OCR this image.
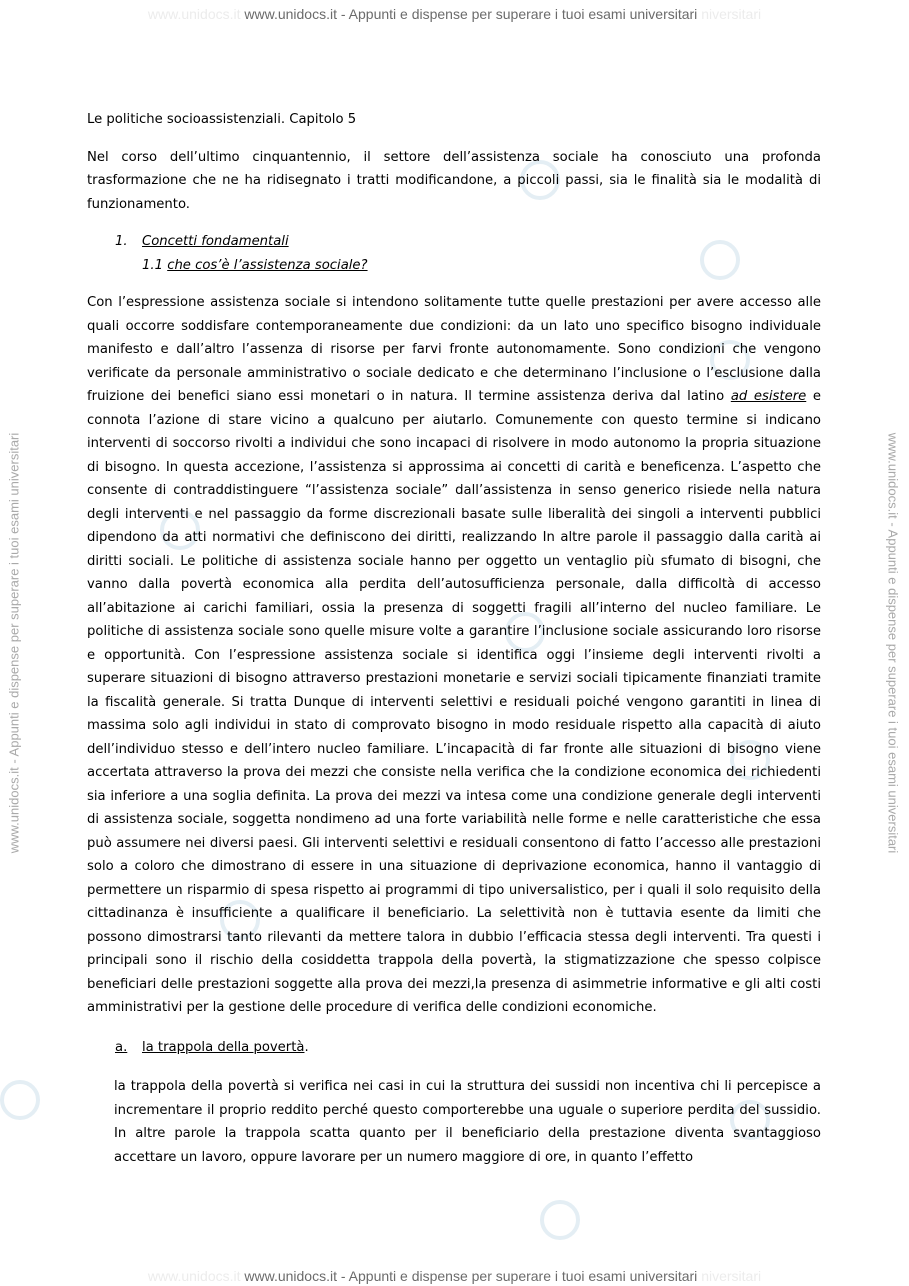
www.unidocs.it www.unidocs.it - Appunti e dispense per superare i tuoi esami universitari niversitari
www.unidocs.it - Appunti e dispense per superare i tuoi esami universitari	www.unidocs.it - Appunti e dispense per superare i tuoi esami universitari

Le politiche socioassistenziali. Capitolo 5

Nel corso dell’ultimo cinquantennio, il settore dell’assistenza sociale ha conosciuto una profonda trasformazione che ne ha ridisegnato i tratti modificandone, a piccoli passi, sia le finalità sia le modalità di funzionamento.

1. Concetti fondamentali

1.1 che cos’è l’assistenza sociale?

Con l’espressione assistenza sociale si intendono solitamente tutte quelle prestazioni per avere accesso alle quali occorre soddisfare contemporaneamente due condizioni: da un lato uno specifico bisogno individuale manifesto e dall’altro l’assenza di risorse per farvi fronte autonomamente. Sono condizioni che vengono verificate da personale amministrativo o sociale dedicato e che determinano l’inclusione o l’esclusione dalla fruizione dei benefici siano essi monetari o in natura. Il termine assistenza deriva dal latino ad esistere e connota l’azione di stare vicino a qualcuno per aiutarlo. Comunemente con questo termine si indicano interventi di soccorso rivolti a individui che sono incapaci di risolvere in modo autonomo la propria situazione di bisogno. In questa accezione, l’assistenza si approssima ai concetti di carità e beneficenza. L’aspetto che consente di contraddistinguere “l’assistenza sociale” dall’assistenza in senso generico risiede nella natura degli interventi e nel passaggio da forme discrezionali basate sulle liberalità dei singoli a interventi pubblici dipendono da atti normativi che definiscono dei diritti, realizzando In altre parole il passaggio dalla carità ai diritti sociali. Le politiche di assistenza sociale hanno per oggetto un ventaglio più sfumato di bisogni, che vanno dalla povertà economica alla perdita dell’autosufficienza personale, dalla difficoltà di accesso all’abitazione ai carichi familiari, ossia la presenza di soggetti fragili all’interno del nucleo familiare. Le politiche di assistenza sociale sono quelle misure volte a garantire l’inclusione sociale assicurando loro risorse e opportunità. Con l’espressione assistenza sociale si identifica oggi l’insieme degli interventi rivolti a superare situazioni di bisogno attraverso prestazioni monetarie e servizi sociali tipicamente finanziati tramite la fiscalità generale. Si tratta Dunque di interventi selettivi e residuali poiché vengono garantiti in linea di massima solo agli individui in stato di comprovato bisogno in modo residuale rispetto alla capacità di aiuto dell’individuo stesso e dell’intero nucleo familiare. L’incapacità di far fronte alle situazioni di bisogno viene accertata attraverso la prova dei mezzi che consiste nella verifica che la condizione economica dei richiedenti sia inferiore a una soglia definita. La prova dei mezzi va intesa come una condizione generale degli interventi di assistenza sociale, soggetta nondimeno ad una forte variabilità nelle forme e nelle caratteristiche che essa può assumere nei diversi paesi. Gli interventi selettivi e residuali consentono di fatto l’accesso alle prestazioni solo a coloro che dimostrano di essere in una situazione di deprivazione economica, hanno il vantaggio di permettere un risparmio di spesa rispetto ai programmi di tipo universalistico, per i quali il solo requisito della cittadinanza è insufficiente a qualificare il beneficiario. La selettività non è tuttavia esente da limiti che possono dimostrarsi tanto rilevanti da mettere talora in dubbio l’efficacia stessa degli interventi. Tra questi i principali sono il rischio della cosiddetta trappola della povertà, la stigmatizzazione che spesso colpisce beneficiari delle prestazioni soggette alla prova dei mezzi,la presenza di asimmetrie informative e gli alti costi amministrativi per la gestione delle procedure di verifica delle condizioni economiche.

a. la trappola della povertà.

la trappola della povertà si verifica nei casi in cui la struttura dei sussidi non incentiva chi li percepisce a incrementare il proprio reddito perché questo comporterebbe una uguale o superiore perdita del sussidio. In altre parole la trappola scatta quanto per il beneficiario della prestazione diventa svantaggioso accettare un lavoro, oppure lavorare per un numero maggiore di ore, in quanto l’effetto

www.unidocs.it www.unidocs.it - Appunti e dispense per superare i tuoi esami universitari niversitari
